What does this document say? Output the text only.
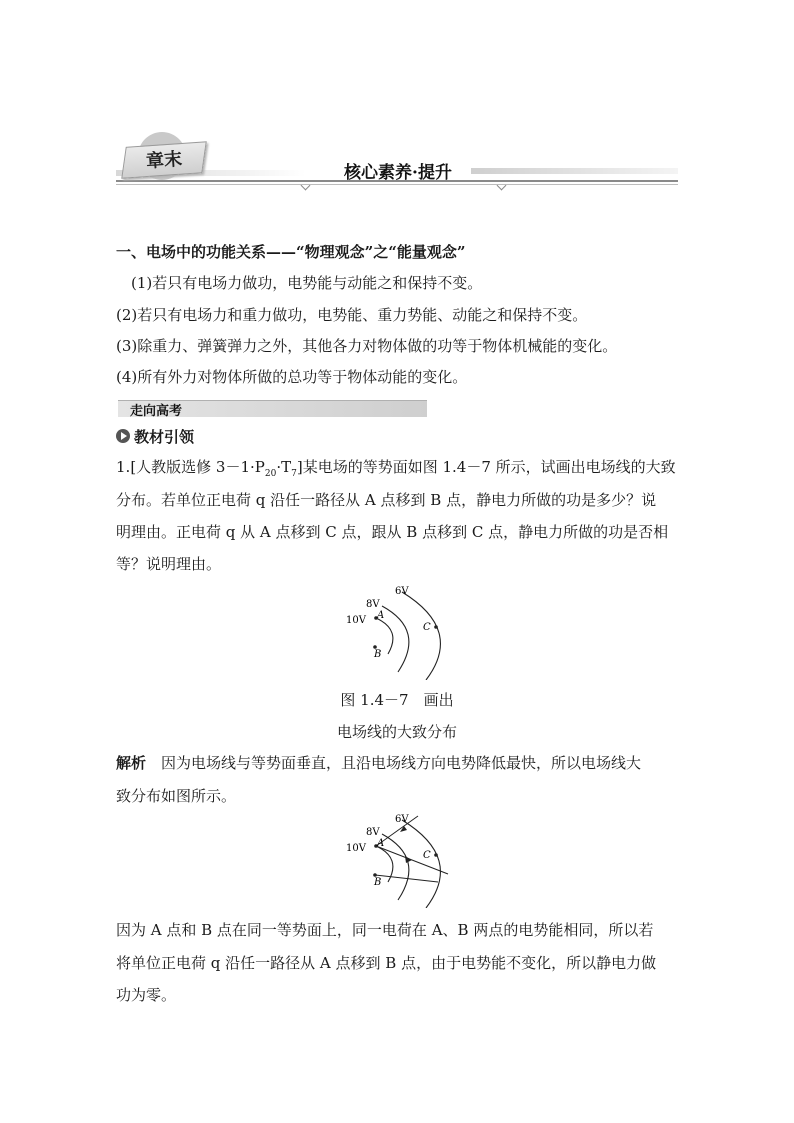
章末
核心素养·提升
一、电场中的功能关系——“物理观念”之“能量观念”
(1)若只有电场力做功，电势能与动能之和保持不变。
(2)若只有电场力和重力做功，电势能、重力势能、动能之和保持不变。
(3)除重力、弹簧弹力之外，其他各力对物体做的功等于物体机械能的变化。
(4)所有外力对物体所做的总功等于物体动能的变化。
走向高考
教材引领
1.[人教版选修 $3-1\cdot P_{20}\cdot T_7$]某电场的等势面如图 1.4－7 所示，试画出电场线的大致
分布。若单位正电荷 q 沿任一路径从 A 点移到 B 点，静电力所做的功是多少？说
明理由。正电荷 q 从 A 点移到 C 点，跟从 B 点移到 C 点，静电力所做的功是否相
等？说明理由。
6V
8V
10V A
B
C
图 1.4－7　画出
电场线的大致分布
解析　因为电场线与等势面垂直，且沿电场线方向电势降低最快，所以电场线大
致分布如图所示。
6V
8V
10V A
B
C
因为 A 点和 B 点在同一等势面上，同一电荷在 A、B 两点的电势能相同，所以若
将单位正电荷 q 沿任一路径从 A 点移到 B 点，由于电势能不变化，所以静电力做
功为零。
